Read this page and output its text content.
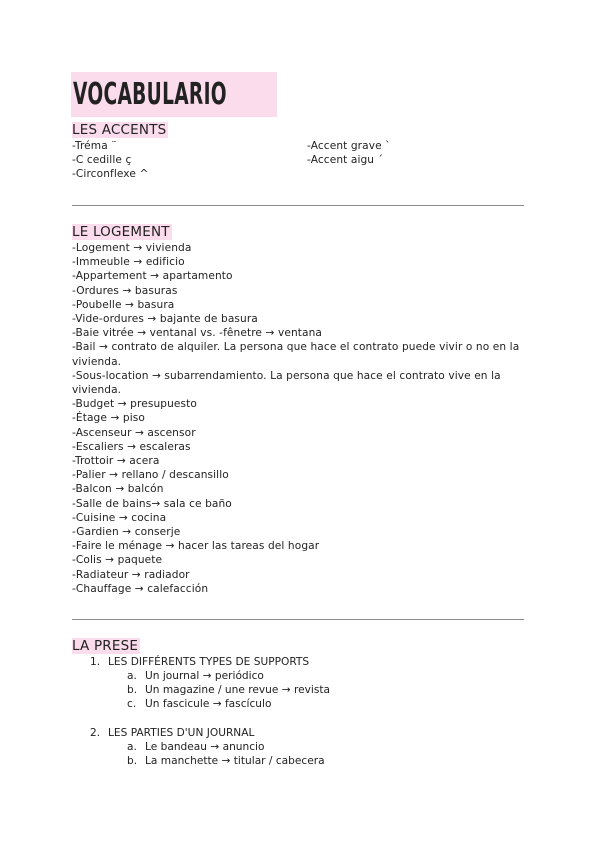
VOCABULARIO
LES ACCENTS
-Tréma ¨
-C cedille ç
-Circonflexe ^
-Accent grave `
-Accent aigu ´
LE LOGEMENT
-Logement → vivienda
-Immeuble → edificio
-Appartement → apartamento
-Ordures → basuras
-Poubelle → basura
-Vide-ordures → bajante de basura
-Baie vitrée → ventanal vs. -fênetre → ventana
-Bail → contrato de alquiler. La persona que hace el contrato puede vivir o no en la vivienda.
-Sous-location → subarrendamiento. La persona que hace el contrato vive en la vivienda.
-Budget → presupuesto
-Étage → piso
-Ascenseur → ascensor
-Escaliers → escaleras
-Trottoir → acera
-Palier → rellano / descansillo
-Balcon → balcón
-Salle de bains→ sala ce baño
-Cuisine → cocina
-Gardien → conserje
-Faire le ménage → hacer las tareas del hogar
-Colis → paquete
-Radiateur → radiador
-Chauffage → calefacción
LA PRESE
1. LES DIFFÉRENTS TYPES DE SUPPORTS
a. Un journal → periódico
b. Un magazine / une revue → revista
c. Un fascicule → fascículo
2. LES PARTIES D'UN JOURNAL
a. Le bandeau → anuncio
b. La manchette → titular / cabecera
